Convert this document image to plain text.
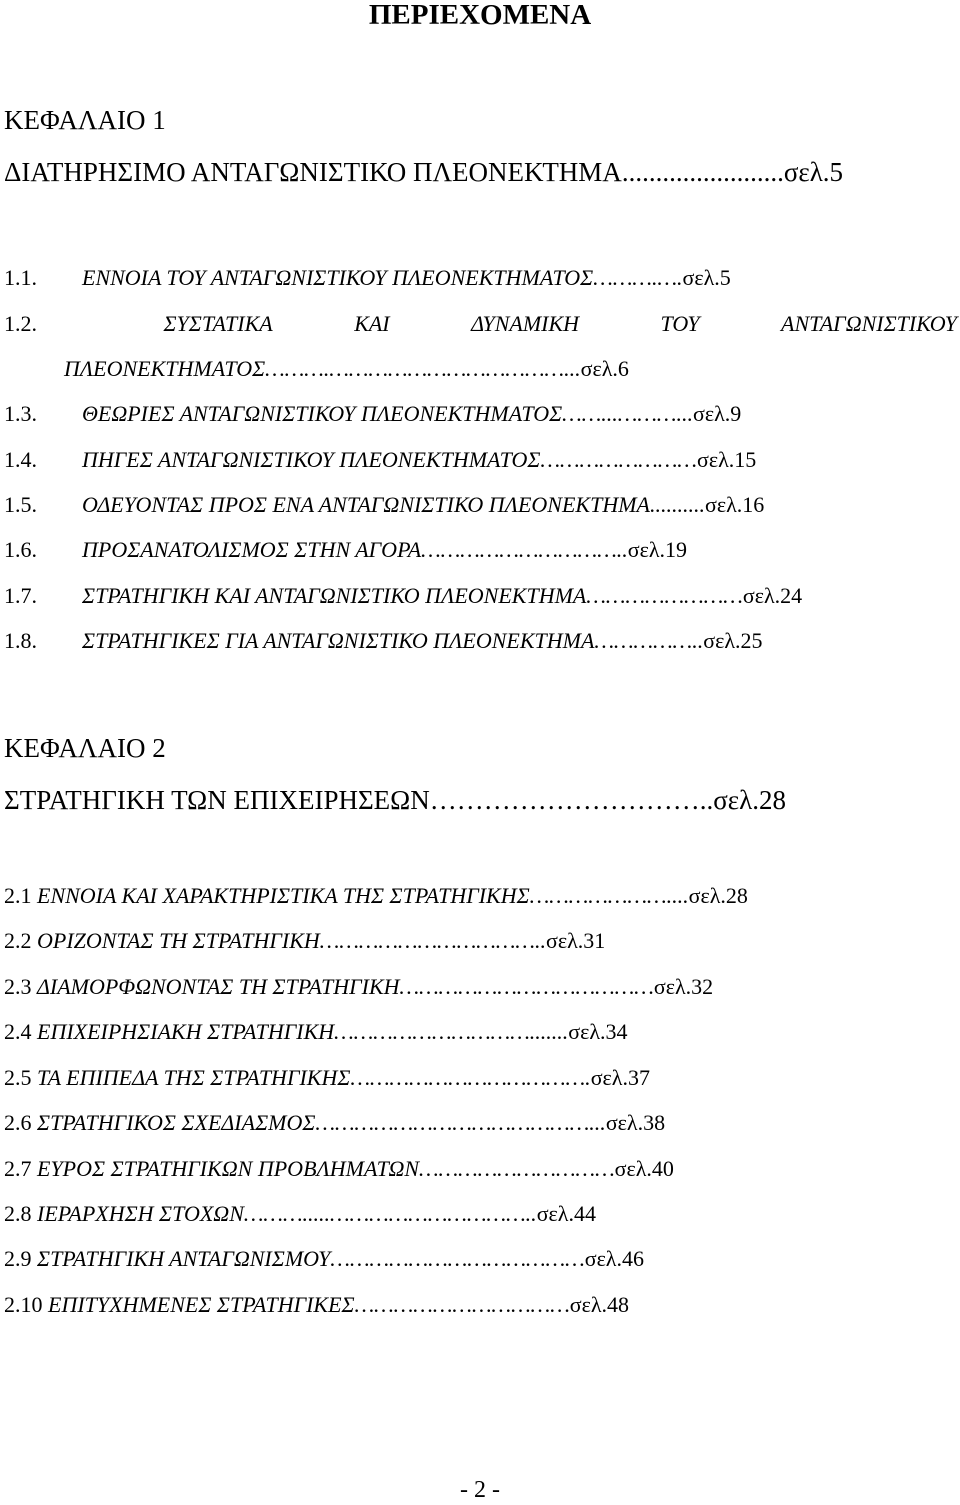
ΠΕΡΙΕΧΟΜΕΝΑ
ΚΕΦΑΛΑΙΟ 1
ΔΙΑΤΗΡΗΣΙΜΟ ΑΝΤΑΓΩΝΙΣΤΙΚΟ ΠΛΕΟΝΕΚΤΗΜΑ........................σελ.5
1.1. ΕΝΝΟΙΑ ΤΟΥ ΑΝΤΑΓΩΝΙΣΤΙΚΟΥ ΠΛΕΟΝΕΚΤΗΜΑΤΟΣ……….….σελ.5
1.2.	ΣΥΣΤΑΤΙΚΑ	ΚΑΙ	ΔΥΝΑΜΙΚΗ	ΤΟΥ	ΑΝΤΑΓΩΝΙΣΤΙΚΟΥ
ΠΛΕΟΝΕΚΤΗΜΑΤΟΣ……….………………………………...σελ.6
1.3. ΘΕΩΡΙΕΣ ΑΝΤΑΓΩΝΙΣΤΙΚΟΥ ΠΛΕΟΝΕΚΤΗΜΑΤΟΣ……...………...σελ.9
1.4. ΠΗΓΕΣ ΑΝΤΑΓΩΝΙΣΤΙΚΟΥ ΠΛΕΟΝΕΚΤΗΜΑΤΟΣ……………………σελ.15
1.5. ΟΔΕΥΟΝΤΑΣ ΠΡΟΣ ΕΝΑ ΑΝΤΑΓΩΝΙΣΤΙΚΟ ΠΛΕΟΝΕΚΤΗΜΑ..........σελ.16
1.6. ΠΡΟΣΑΝΑΤΟΛΙΣΜΟΣ ΣΤΗΝ ΑΓΟΡΑ…………………………..σελ.19
1.7. ΣΤΡΑΤΗΓΙΚΗ ΚΑΙ ΑΝΤΑΓΩΝΙΣΤΙΚΟ ΠΛΕΟΝΕΚΤΗΜΑ……………………σελ.24
1.8. ΣΤΡΑΤΗΓΙΚΕΣ ΓΙΑ ΑΝΤΑΓΩΝΙΣΤΙΚΟ ΠΛΕΟΝΕΚΤΗΜΑ……………..σελ.25
ΚΕΦΑΛΑΙΟ 2
ΣΤΡΑΤΗΓΙΚΗ ΤΩΝ ΕΠΙΧΕΙΡΗΣΕΩΝ…………………………..σελ.28
2.1 ΕΝΝΟΙΑ ΚΑΙ ΧΑΡΑΚΤΗΡΙΣΤΙΚΑ ΤΗΣ ΣΤΡΑΤΗΓΙΚΗΣ…………………....σελ.28
2.2 ΟΡΙΖΟΝΤΑΣ ΤΗ ΣΤΡΑΤΗΓΙΚΗ……………………………..σελ.31
2.3 ΔΙΑΜΟΡΦΩΝΟΝΤΑΣ ΤΗ ΣΤΡΑΤΗΓΙΚΗ…………………………………σελ.32
2.4 ΕΠΙΧΕΙΡΗΣΙΑΚΗ ΣΤΡΑΤΗΓΙΚΗ………………………….......σελ.34
2.5 ΤΑ ΕΠΙΠΕΔΑ ΤΗΣ ΣΤΡΑΤΗΓΙΚΗΣ……………………………….σελ.37
2.6 ΣΤΡΑΤΗΓΙΚΟΣ ΣΧΕΔΙΑΣΜΟΣ……………………………………...σελ.38
2.7 ΕΥΡΟΣ ΣΤΡΑΤΗΓΙΚΩΝ ΠΡΟΒΛΗΜΑΤΩΝ…………………………σελ.40
2.8 ΙΕΡΑΡΧΗΣΗ ΣΤΟΧΩΝ……….....…………………………..σελ.44
2.9 ΣΤΡΑΤΗΓΙΚΗ ΑΝΤΑΓΩΝΙΣΜΟΥ…………………………………σελ.46
2.10 ΕΠΙΤΥΧΗΜΕΝΕΣ ΣΤΡΑΤΗΓΙΚΕΣ……………………………σελ.48
- 2 -
